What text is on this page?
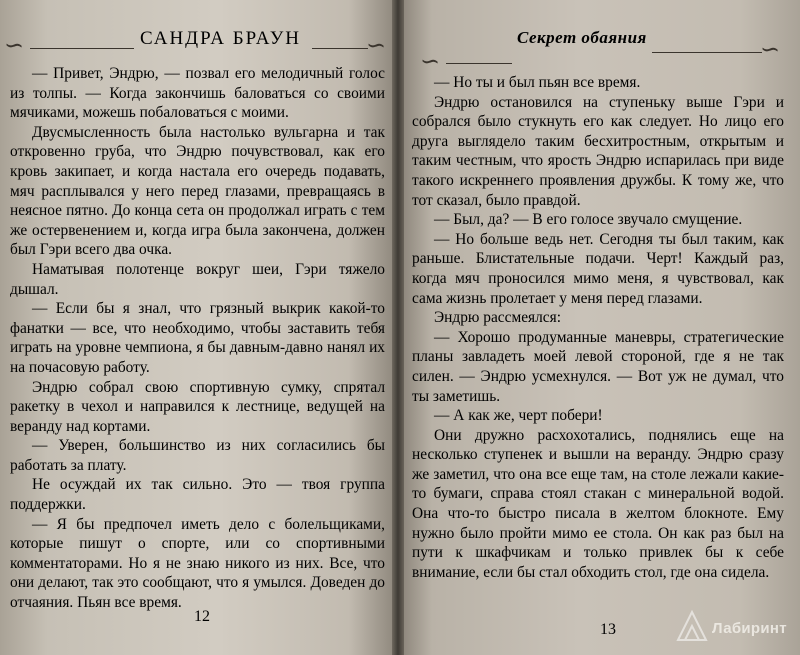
∽	САНДРА БРАУН	∽
∽
Секрет обаяния	∽

— Привет, Эндрю, — позвал его мелодичный голос из толпы. — Когда закончишь баловаться со своими мячиками, можешь побаловаться с моими.

Двусмысленность была настолько вульгарна и так откровенно груба, что Эндрю почувствовал, как его кровь закипает, и когда настала его очередь подавать, мяч расплывался у него перед глазами, превращаясь в неясное пятно. До конца сета он продолжал играть с тем же остервенением и, когда игра была закончена, должен был Гэри всего два очка.

Наматывая полотенце вокруг шеи, Гэри тяжело дышал.

— Если бы я знал, что грязный выкрик какой-то фанатки — все, что необходимо, чтобы заставить тебя играть на уровне чемпиона, я бы давным-давно нанял их на почасовую работу.

Эндрю собрал свою спортивную сумку, спрятал ракетку в чехол и направился к лестнице, ведущей на веранду над кортами.

— Уверен, большинство из них согласились бы работать за плату.

Не осуждай их так сильно. Это — твоя группа поддержки.

— Я бы предпочел иметь дело с болельщиками, которые пишут о спорте, или со спортивными комментаторами. Но я не знаю никого из них. Все, что они делают, так это сообщают, что я умылся. Доведен до отчаяния. Пьян все время.

— Но ты и был пьян все время.

Эндрю остановился на ступеньку выше Гэри и собрался было стукнуть его как следует. Но лицо его друга выглядело таким бесхитростным, открытым и таким честным, что ярость Эндрю испарилась при виде такого искреннего проявления дружбы. К тому же, что тот сказал, было правдой.

— Был, да? — В его голосе звучало смущение.

— Но больше ведь нет. Сегодня ты был таким, как раньше. Блистательные подачи. Черт! Каждый раз, когда мяч проносился мимо меня, я чувствовал, как сама жизнь пролетает у меня перед глазами.

Эндрю рассмеялся:

— Хорошо продуманные маневры, стратегические планы завладеть моей левой стороной, где я не так силен. — Эндрю усмехнулся. — Вот уж не думал, что ты заметишь.

— А как же, черт побери!

Они дружно расхохотались, поднялись еще на несколько ступенек и вышли на веранду. Эндрю сразу же заметил, что она все еще там, на столе лежали какие-то бумаги, справа стоял стакан с минеральной водой. Она что-то быстро писала в желтом блокноте. Ему нужно было пройти мимо ее стола. Он как раз был на пути к шкафчикам и только привлек бы к себе внимание, если бы стал обходить стол, где она сидела.

12
13	Лабиринт
